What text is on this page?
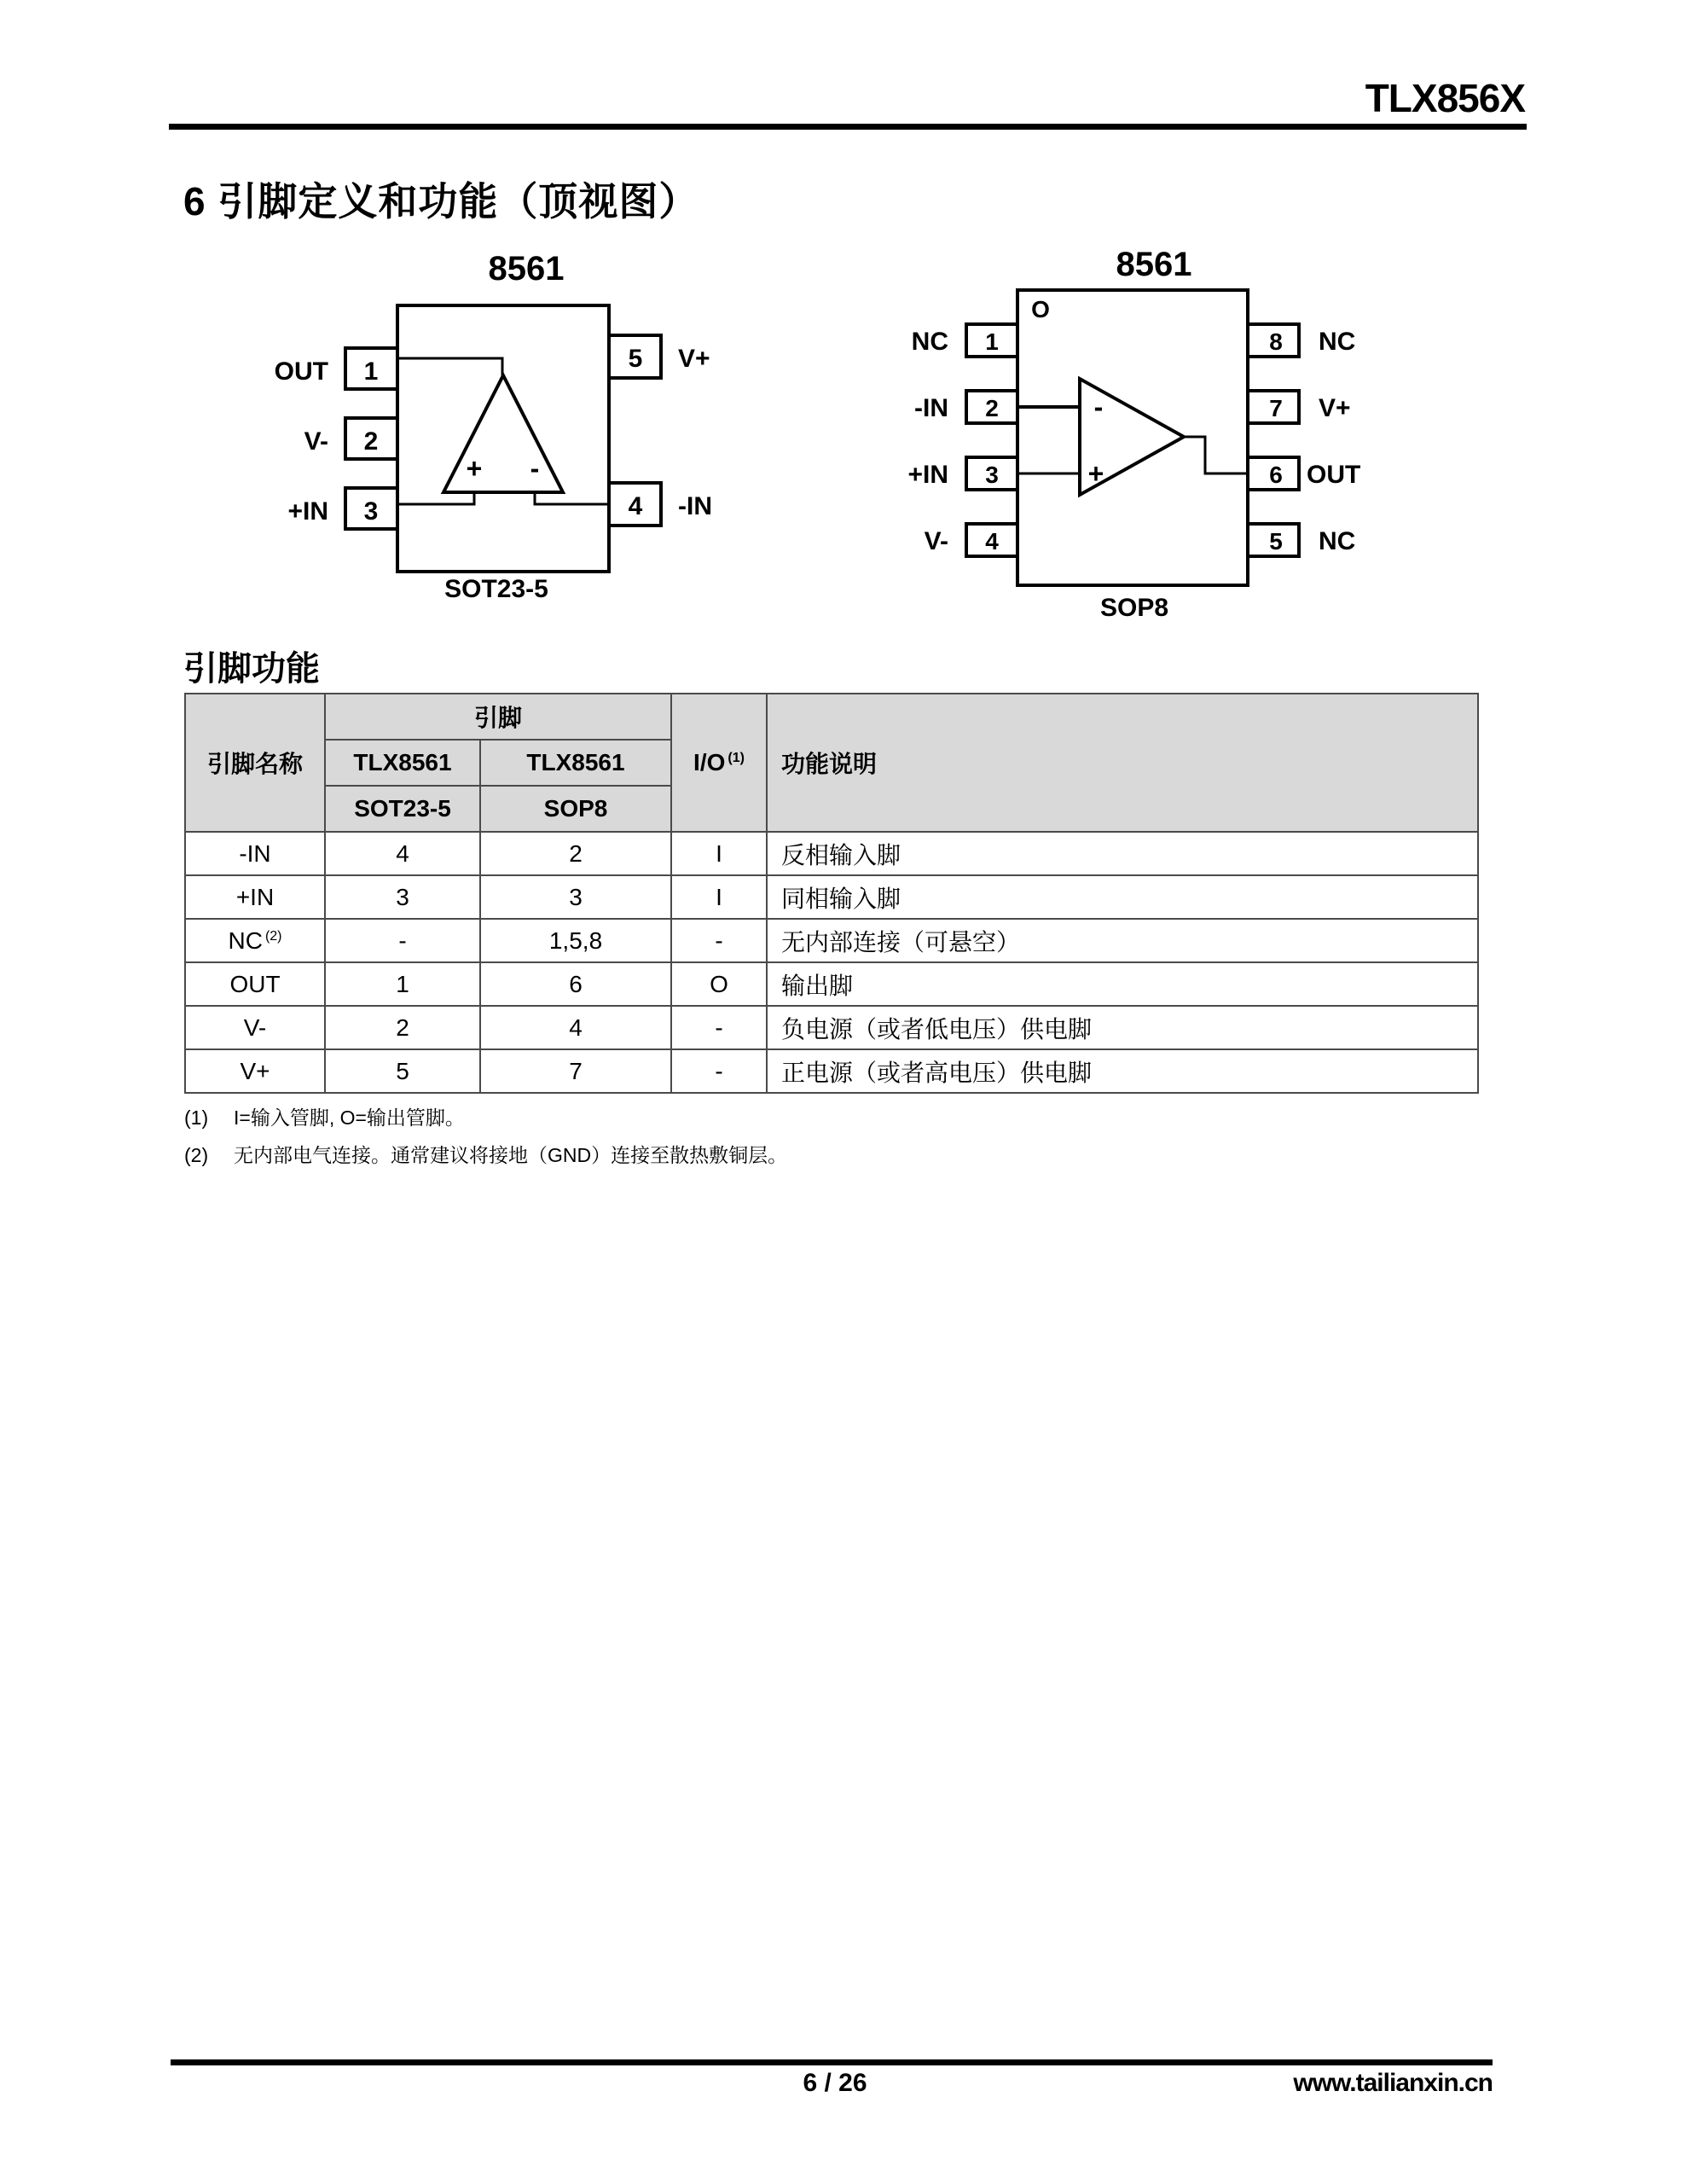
TLX856X
6 引脚定义和功能（顶视图）
8561
+ -
1
2
3
5
4
OUT
V-
+IN
V+
-IN
SOT23-5
8561
O
-
+
1
2
3
4
8
7
6
5
NC
-IN
+IN
V-
NC
V+
OUT
NC
SOP8
引脚功能
引脚名称	引脚		I/O $^{(1)}$	功能说明
	TLX8561	TLX8561		
	SOT23-5	SOP8		
-IN	4	2	I	反相输入脚
+IN	3	3	I	同相输入脚
NC $^{(2)}$	-	1,5,8	-	无内部连接（可悬空）
OUT	1	6	O	输出脚
V-	2	4	-	负电源（或者低电压）供电脚
V+	5	7	-	正电源（或者高电压）供电脚
(1) I=输入管脚, O=输出管脚。
(2) 无内部电气连接。通常建议将接地（GND）连接至散热敷铜层。
6 / 26	www.tailianxin.cn
